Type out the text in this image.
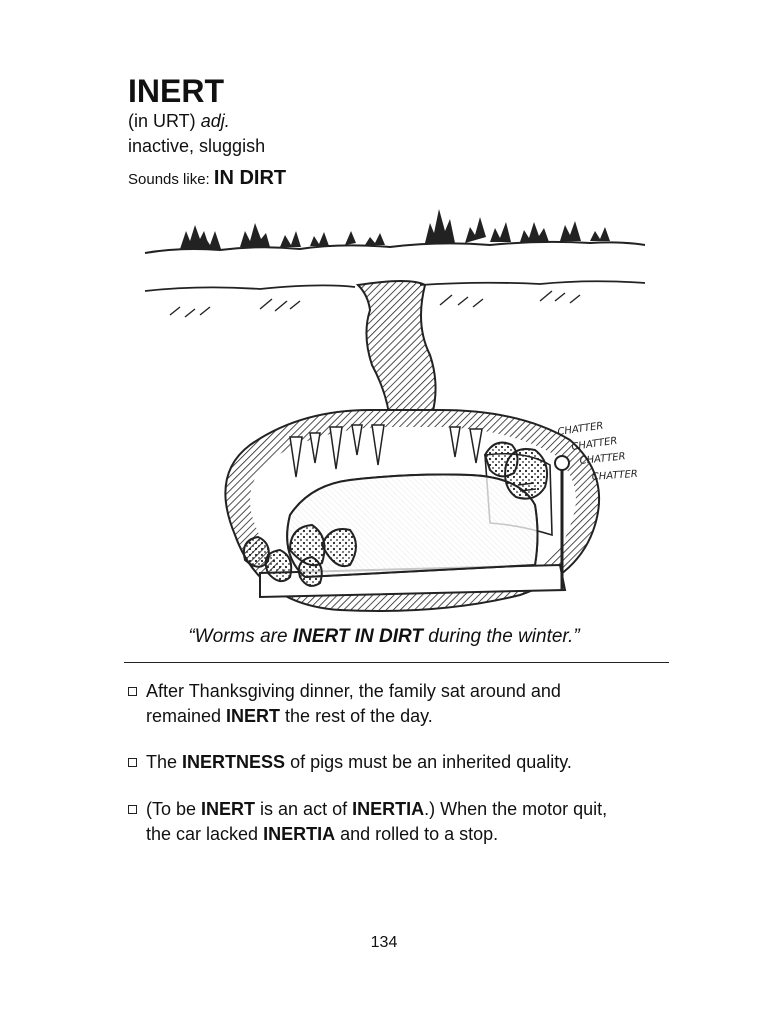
INERT
(in URT) adj.
inactive, sluggish
Sounds like: IN DIRT
CHATTER
CHATTER
CHATTER
CHATTER
“Worms are INERT IN DIRT during the winter.”
After Thanksgiving dinner, the family sat around and
remained INERT the rest of the day.
The INERTNESS of pigs must be an inherited quality.
(To be INERT is an act of INERTIA.) When the motor quit,
the car lacked INERTIA and rolled to a stop.
134
